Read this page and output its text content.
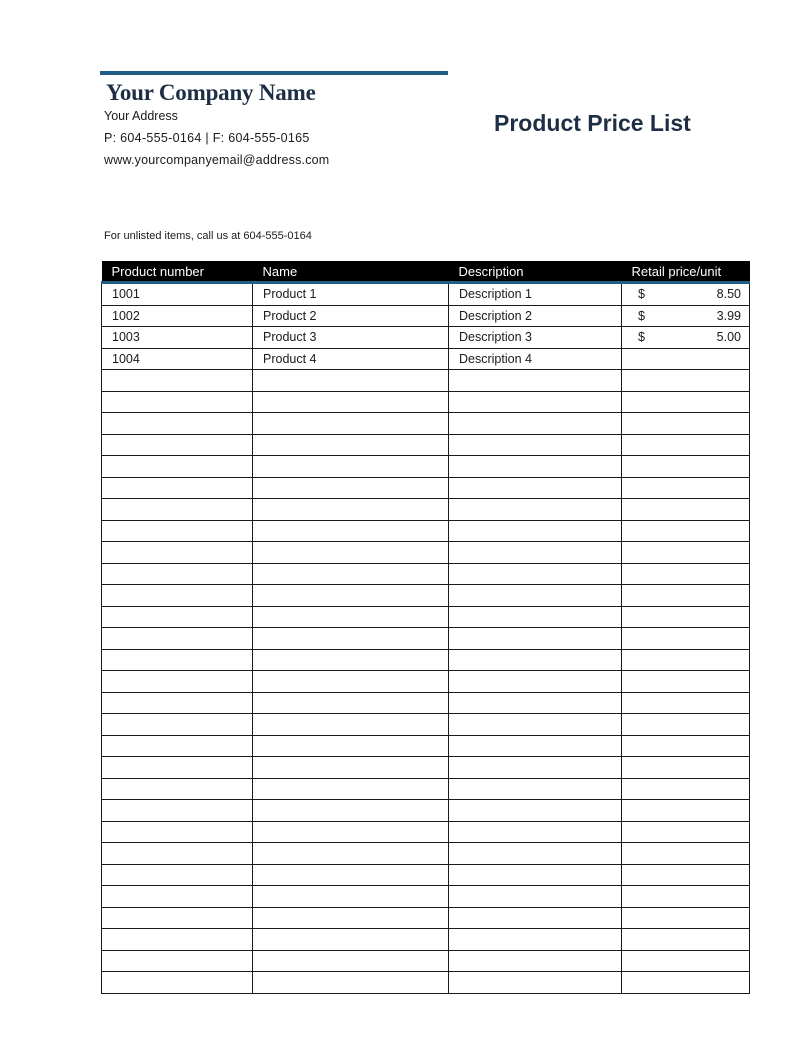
Your Company Name
Your Address
P: 604-555-0164 | F: 604-555-0165
www.yourcompanyemail@address.com
Product Price List
For unlisted items, call us at 604-555-0164
Product number	Name	Description	Retail price/unit
1001	Product 1	Description 1	$ 8.50

1002	Product 2	Description 2	$ 3.99

1003	Product 3	Description 3	$ 5.00

1004	Product 4	Description 4	
